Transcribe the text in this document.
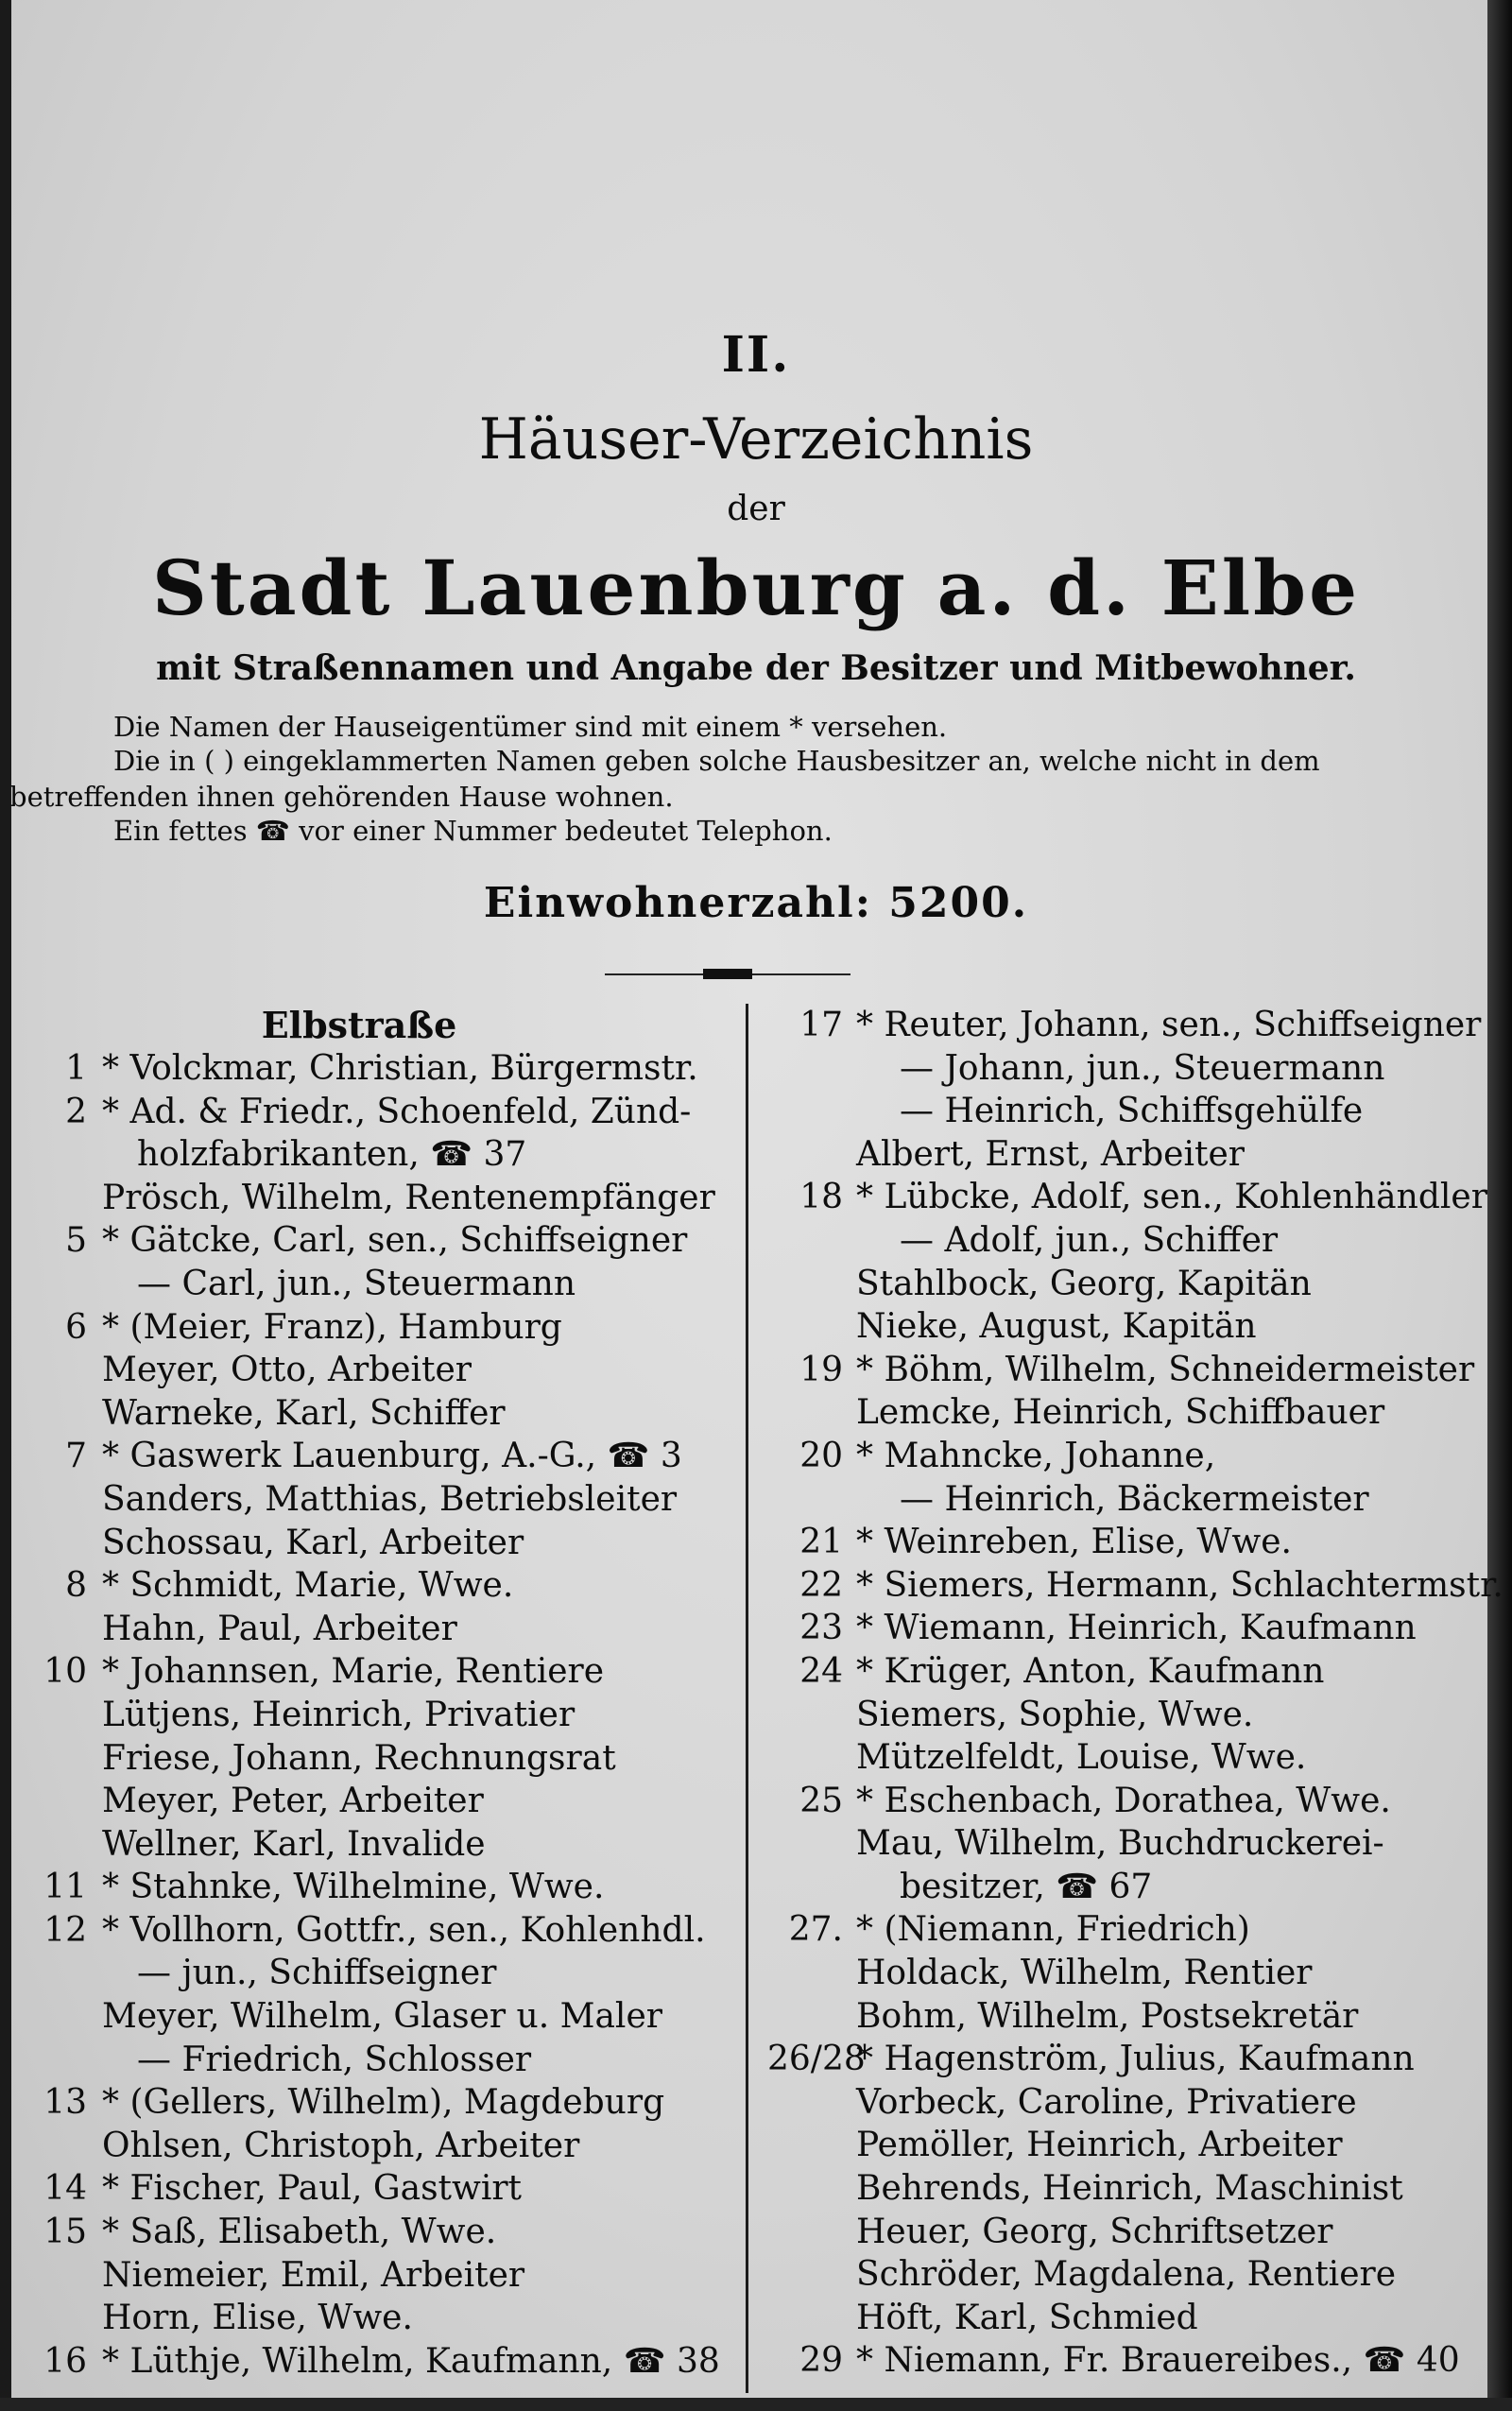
II.
Häuser-Verzeichnis
der
Stadt Lauenburg a. d. Elbe
mit Straßennamen und Angabe der Besitzer und Mitbewohner.
Die Namen der Hauseigentümer sind mit einem * versehen.
Die in ( ) eingeklammerten Namen geben solche Hausbesitzer an, welche nicht in dem
betreffenden ihnen gehörenden Hause wohnen.
Ein fettes ☎ vor einer Nummer bedeutet Telephon.
Einwohnerzahl: 5200.
Elbstraße
1 * Volckmar, Christian, Bürgermstr.
2 * Ad. & Friedr., Schoenfeld, Zünd-
holzfabrikanten, ☎ 37
Prösch, Wilhelm, Rentenempfänger
5 * Gätcke, Carl, sen., Schiffseigner
— Carl, jun., Steuermann
6 * (Meier, Franz), Hamburg
Meyer, Otto, Arbeiter
Warneke, Karl, Schiffer
7 * Gaswerk Lauenburg, A.-G., ☎ 3
Sanders, Matthias, Betriebsleiter
Schossau, Karl, Arbeiter
8 * Schmidt, Marie, Wwe.
Hahn, Paul, Arbeiter
10 * Johannsen, Marie, Rentiere
Lütjens, Heinrich, Privatier
Friese, Johann, Rechnungsrat
Meyer, Peter, Arbeiter
Wellner, Karl, Invalide
11 * Stahnke, Wilhelmine, Wwe.
12 * Vollhorn, Gottfr., sen., Kohlenhdl.
— jun., Schiffseigner
Meyer, Wilhelm, Glaser u. Maler
— Friedrich, Schlosser
13 * (Gellers, Wilhelm), Magdeburg
Ohlsen, Christoph, Arbeiter
14 * Fischer, Paul, Gastwirt
15 * Saß, Elisabeth, Wwe.
Niemeier, Emil, Arbeiter
Horn, Elise, Wwe.
16 * Lüthje, Wilhelm, Kaufmann, ☎ 38
17 * Reuter, Johann, sen., Schiffseigner
— Johann, jun., Steuermann
— Heinrich, Schiffsgehülfe
Albert, Ernst, Arbeiter
18 * Lübcke, Adolf, sen., Kohlenhändler
— Adolf, jun., Schiffer
Stahlbock, Georg, Kapitän
Nieke, August, Kapitän
19 * Böhm, Wilhelm, Schneidermeister
Lemcke, Heinrich, Schiffbauer
20 * Mahncke, Johanne,
— Heinrich, Bäckermeister
21 * Weinreben, Elise, Wwe.
22 * Siemers, Hermann, Schlachtermstr.
23 * Wiemann, Heinrich, Kaufmann
24 * Krüger, Anton, Kaufmann
Siemers, Sophie, Wwe.
Mützelfeldt, Louise, Wwe.
25 * Eschenbach, Dorathea, Wwe.
Mau, Wilhelm, Buchdruckerei-
besitzer, ☎ 67
27. * (Niemann, Friedrich)
Holdack, Wilhelm, Rentier
Bohm, Wilhelm, Postsekretär
26/28
* Hagenström, Julius, Kaufmann
Vorbeck, Caroline, Privatiere
Pemöller, Heinrich, Arbeiter
Behrends, Heinrich, Maschinist
Heuer, Georg, Schriftsetzer
Schröder, Magdalena, Rentiere
Höft, Karl, Schmied
29 * Niemann, Fr. Brauereibes., ☎ 40
